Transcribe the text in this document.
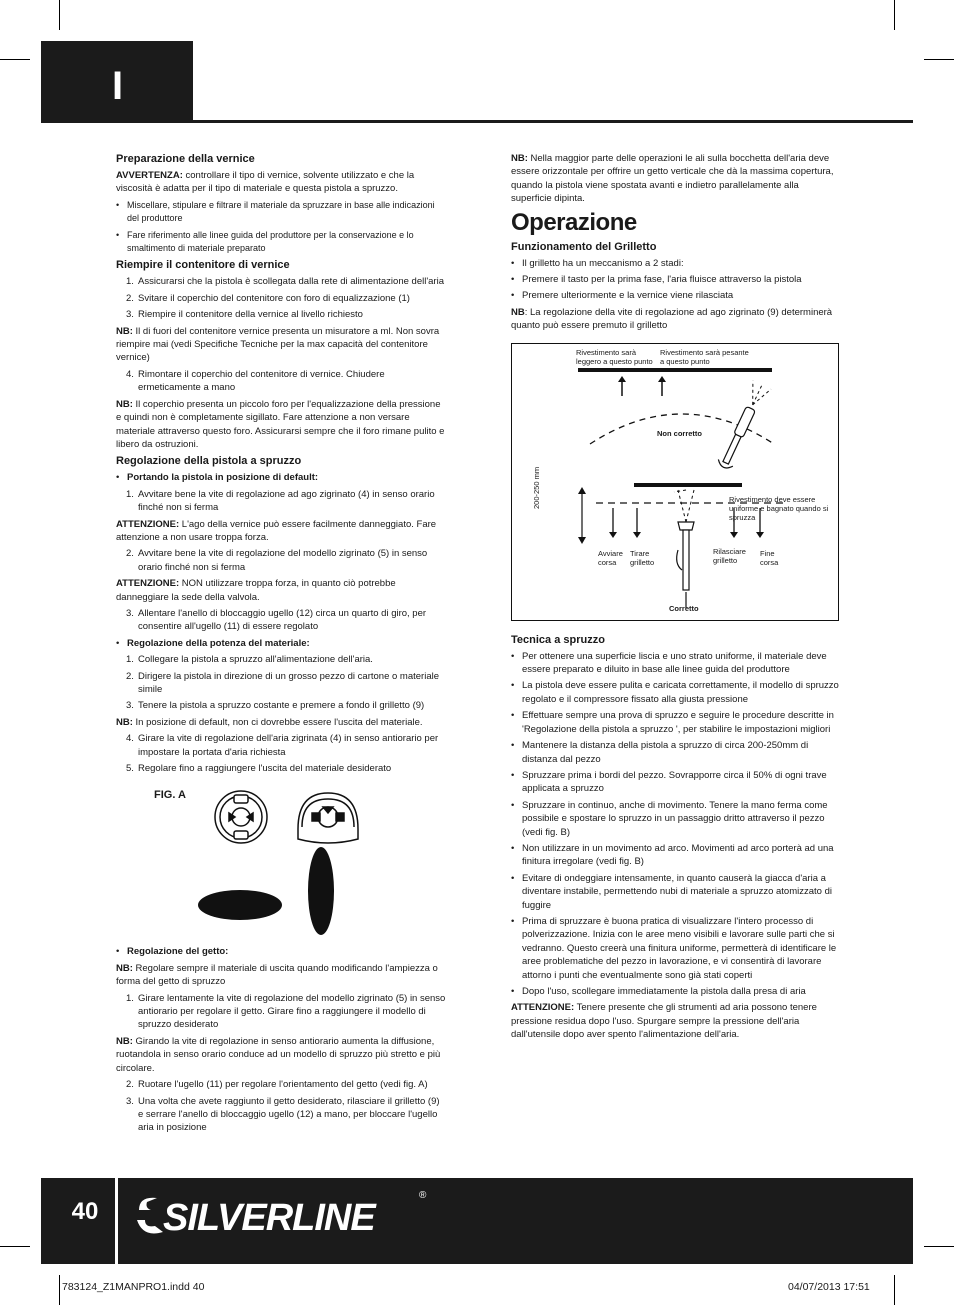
I
Preparazione della vernice

AVVERTENZA: controllare il tipo di vernice, solvente utilizzato e che la viscosità è adatta per il tipo di materiale e questa pistola a spruzzo.

• Miscellare, stipulare e filtrare il materiale da spruzzare in base alle indicazioni del produttore
• Fare riferimento alle linee guida del produttore per la conservazione e lo smaltimento di materiale preparato
Riempire il contenitore di vernice
1. Assicurarsi che la pistola è scollegata dalla rete di alimentazione dell'aria
2. Svitare il coperchio del contenitore con foro di equalizzazione (1)
3. Riempire il contenitore della vernice al livello richiesto

NB: Il di fuori del contenitore vernice presenta un misuratore a ml. Non sovra riempire mai (vedi Specifiche Tecniche per la max capacità del contenitore vernice)

4. Rimontare il coperchio del contenitore di vernice. Chiudere ermeticamente a mano

NB: Il coperchio presenta un piccolo foro per l'equalizzazione della pressione e quindi non è completamente sigillato. Fare attenzione a non versare materiale attraverso questo foro. Assicurarsi sempre che il foro rimane pulito e libero da ostruzioni.

Regolazione della pistola a spruzzo
• Portando la pistola in posizione di default:
1. Avvitare bene la vite di regolazione ad ago zigrinato (4) in senso orario finché non si ferma

ATTENZIONE: L'ago della vernice può essere facilmente danneggiato. Fare attenzione a non usare troppa forza.

2. Avvitare bene la vite di regolazione del modello zigrinato (5) in senso orario finché non si ferma

ATTENZIONE: NON utilizzare troppa forza, in quanto ciò potrebbe danneggiare la sede della valvola.

3. Allentare l'anello di bloccaggio ugello (12) circa un quarto di giro, per consentire all'ugello (11) di essere regolato
• Regolazione della potenza del materiale:
1. Collegare la pistola a spruzzo all'alimentazione dell'aria.
2. Dirigere la pistola in direzione di un grosso pezzo di cartone o materiale simile
3. Tenere la pistola a spruzzo costante e premere a fondo il grilletto (9)

NB: In posizione di default, non ci dovrebbe essere l'uscita del materiale.

4. Girare la vite di regolazione dell'aria zigrinata (4) in senso antiorario per impostare la portata d'aria richiesta
5. Regolare fino a raggiungere l'uscita del materiale desiderato
FIG. A
• Regolazione del getto:

NB: Regolare sempre il materiale di uscita quando modificando l'ampiezza o forma del getto di spruzzo

1. Girare lentamente la vite di regolazione del modello zigrinato (5) in senso antiorario per regolare il getto. Girare fino a raggiungere il modello di spruzzo desiderato

NB: Girando la vite di regolazione in senso antiorario aumenta la diffusione, ruotandola in senso orario conduce ad un modello di spruzzo più stretto e più circolare.

2. Ruotare l'ugello (11) per regolare l'orientamento del getto (vedi fig. A)
3. Una volta che avete raggiunto il getto desiderato, rilasciare il grilletto (9) e serrare l'anello di bloccaggio ugello (12) a mano, per bloccare l'ugello aria in posizione

NB: Nella maggior parte delle operazioni le ali sulla bocchetta dell'aria deve essere orizzontale per offrire un getto verticale che dà la massima copertura, quando la pistola viene spostata avanti e indietro parallelamente alla superficie dipinta.

Operazione
Funzionamento del Grilletto
• Il grilletto ha un meccanismo a 2 stadi:
• Premere il tasto per la prima fase, l'aria fluisce attraverso la pistola
• Premere ulteriormente e la vernice viene rilasciata

NB: La regolazione della vite di regolazione ad ago zigrinato (9) determinerà quanto può essere premuto il grilletto

Rivestimento sarà leggero a questo punto
Rivestimento sarà pesante a questo punto
Non corretto
200-250 mm	Rivestimento deve essere uniforme e bagnato quando si spruzza
Avviare corsa
Tirare grilletto
Rilasciare grilletto
Fine corsa
Corretto
Tecnica a spruzzo
• Per ottenere una superficie liscia e uno strato uniforme, il materiale deve essere preparato e diluito in base alle linee guida del produttore
• La pistola deve essere pulita e caricata correttamente, il modello di spruzzo regolato e il compressore fissato alla giusta pressione
• Effettuare sempre una prova di spruzzo e seguire le procedure descritte in 'Regolazione della pistola a spruzzo ', per stabilire le impostazioni migliori
• Mantenere la distanza della pistola a spruzzo di circa 200-250mm di distanza dal pezzo
• Spruzzare prima i bordi del pezzo. Sovrapporre circa il 50% di ogni trave applicata a spruzzo
• Spruzzare in continuo, anche di movimento. Tenere la mano ferma come possibile e spostare lo spruzzo in un passaggio dritto attraverso il pezzo (vedi fig. B)
• Non utilizzare in un movimento ad arco. Movimenti ad arco porterà ad una finitura irregolare (vedi fig. B)
• Evitare di ondeggiare intensamente, in quanto causerà la giacca d'aria a diventare instabile, permettendo nubi di materiale a spruzzo atomizzato di fuggire
• Prima di spruzzare è buona pratica di visualizzare l'intero processo di polverizzazione. Inizia con le aree meno visibili e lavorare sulle parti che si vedranno. Questo creerà una finitura uniforme, permetterà di identificare le aree problematiche del pezzo in lavorazione, e vi consentirà di lavorare attorno i punti che eventualmente sono già stati coperti
• Dopo l'uso, scollegare immediatamente la pistola dalla presa di aria

ATTENZIONE: Tenere presente che gli strumenti ad aria possono tenere pressione residua dopo l'uso. Spurgare sempre la pressione dell'aria dall'utensile dopo aver spento l'alimentazione dell'aria.

40	SILVERLINE
®
783124_Z1MANPRO1.indd 40	04/07/2013 17:51
